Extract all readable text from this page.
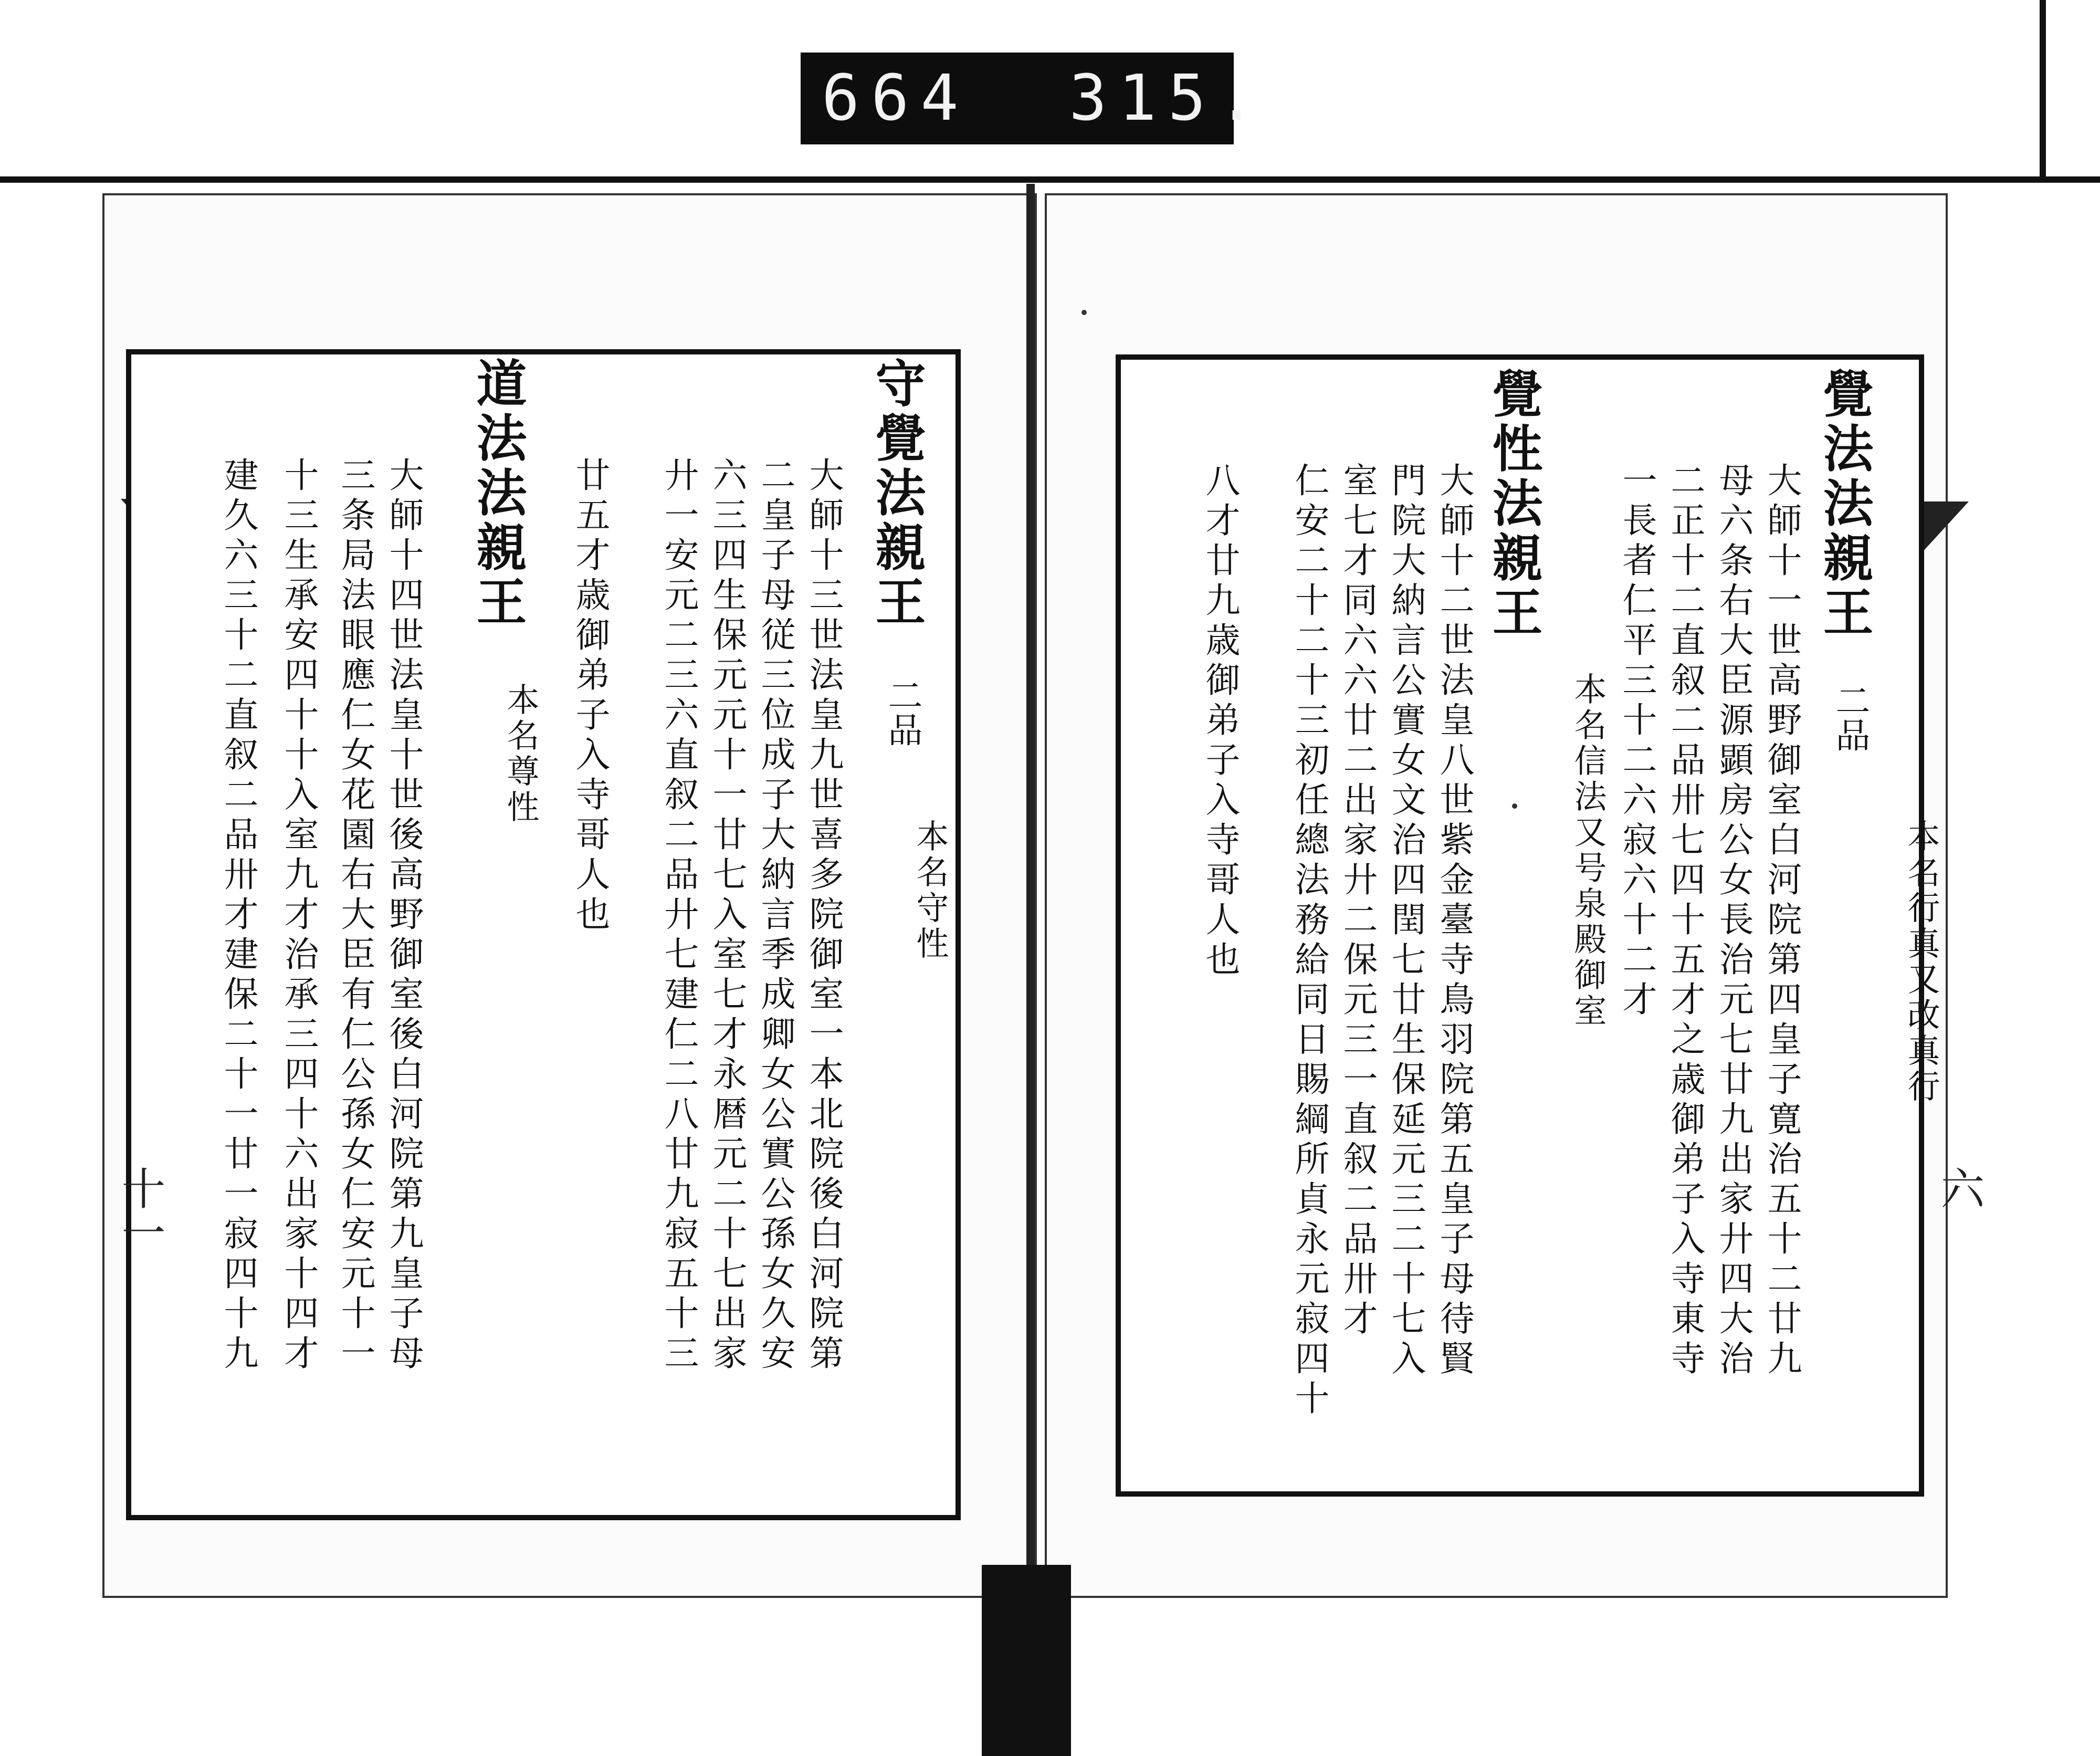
664  315.
覺法法親王
二品
本名行真又改真行
大師十一世高野御室白河院第四皇子寛治五十二廿九
母六条右大臣源顕房公女長治元七廿九出家廾四大治
二正十二直叙二品卅七四十五才之歳御弟子入寺東寺
一長者仁平三十二六寂六十二才
覺性法親王
本名信法又号泉殿御室
大師十二世法皇八世紫金臺寺鳥羽院第五皇子母待賢
門院大納言公實女文治四閏七廿生保延元三二十七入
室七才同六六廿二出家廾二保元三一直叙二品卅才
仁安二十二十三初任總法務給同日賜綱所貞永元寂四十
八才廿九歳御弟子入寺哥人也
六
守覺法親王
二品
本名守性
大師十三世法皇九世喜多院御室一本北院後白河院第
二皇子母従三位成子大納言季成卿女公實公孫女久安
六三四生保元元十一廿七入室七才永暦元二十七出家
廾一安元二三六直叙二品廾七建仁二八廿九寂五十三
廿五才歳御弟子入寺哥人也
道法法親王
本名尊性
大師十四世法皇十世後高野御室後白河院第九皇子母
三条局法眼應仁女花園右大臣有仁公孫女仁安元十一
十三生承安四十十入室九才治承三四十六出家十四才
建久六三十二直叙二品卅才建保二十一廿一寂四十九
十一
